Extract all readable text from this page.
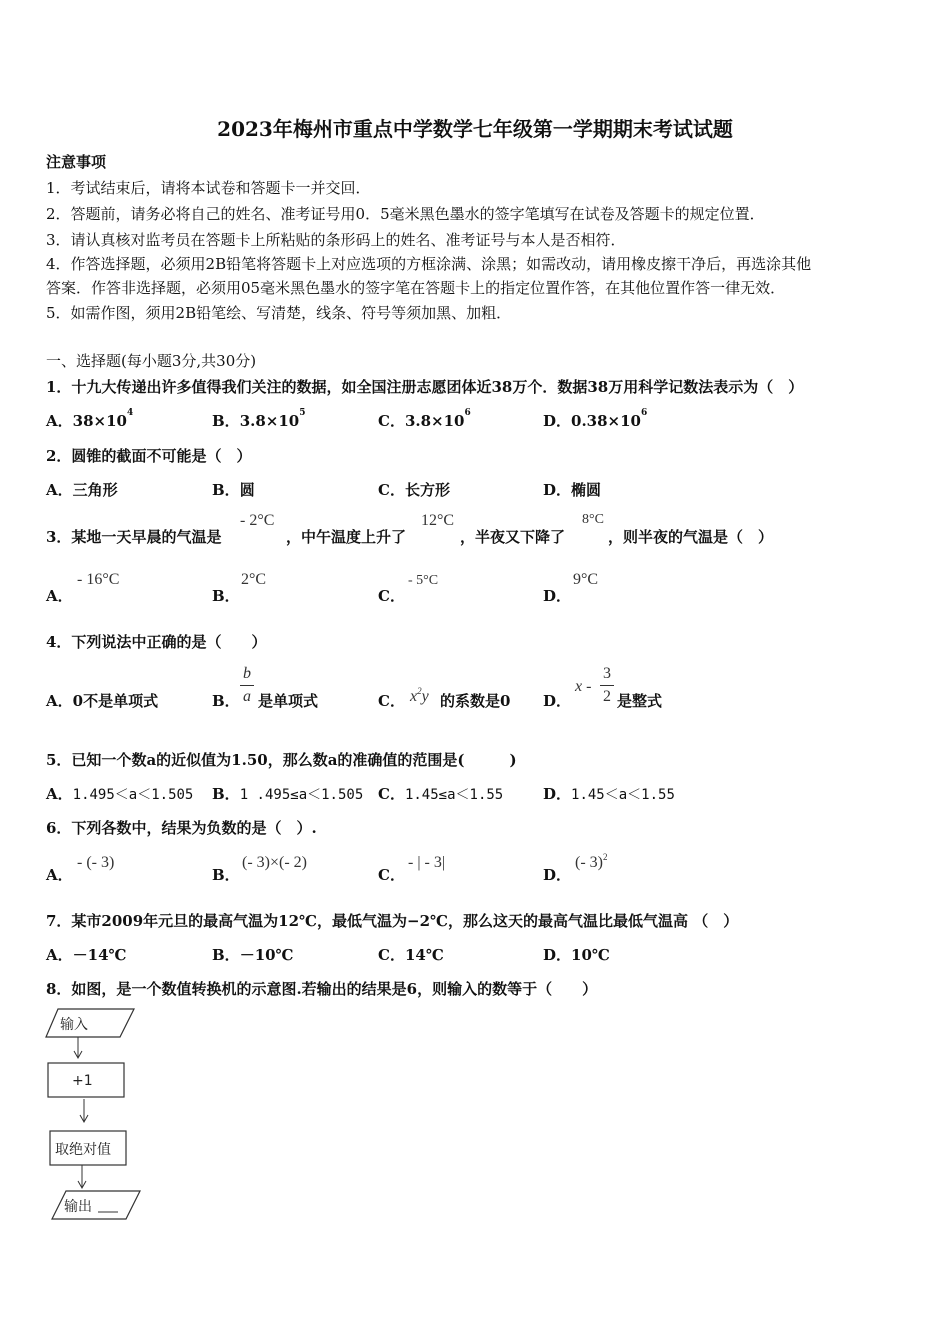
2023年梅州市重点中学数学七年级第一学期期末考试试题
注意事项
1．考试结束后，请将本试卷和答题卡一并交回．
2．答题前，请务必将自己的姓名、准考证号用0．5毫米黑色墨水的签字笔填写在试卷及答题卡的规定位置．
3．请认真核对监考员在答题卡上所粘贴的条形码上的姓名、准考证号与本人是否相符．
4．作答选择题，必须用2B铅笔将答题卡上对应选项的方框涂满、涂黑；如需改动，请用橡皮擦干净后，再选涂其他
答案．作答非选择题，必须用05毫米黑色墨水的签字笔在答题卡上的指定位置作答，在其他位置作答一律无效．
5．如需作图，须用2B铅笔绘、写清楚，线条、符号等须加黑、加粗．
一、选择题(每小题3分,共30分)
1．十九大传递出许多值得我们关注的数据，如全国注册志愿团体近38万个．数据38万用科学记数法表示为（　）
A．$38\times 10^4$	B．$3.8\times 10^5$	C．$3.8\times 10^6$	D．$0.38\times 10^6$
2．圆锥的截面不可能是（　）
A．三角形	B．圆	C．长方形	D．椭圆
3．某地一天早晨的气温是
- 2°C
，中午温度上升了
12°C
，半夜又下降了
8°C
，则半夜的气温是（　）
A．
- 16°C
B．
2°C
C．
- 5°C
D．
9°C
4．下列说法中正确的是（　　）
A．0不是单项式	B．
b
a 是单项式	C． $x^2y$ 的系数是0 D．
x -
3
2 是整式
5．已知一个数a的近似值为1.50，那么数a的准确值的范围是(　　　)
A．1.495＜a＜1.505 B．1 .495≤a＜1.505 C．1.45≤a＜1.55	D．1.45＜a＜1.55
6．下列各数中，结果为负数的是（　）.
A．
- (- 3)
B．
(- 3)×(- 2)
C．
- | - 3|
D．
(- 3)$^2$
7．某市2009年元旦的最高气温为12℃，最低气温为−2℃，那么这天的最高气温比最低气温高 （　）
A．－14℃	B．－10℃	C．14℃	D．10℃
8．如图，是一个数值转换机的示意图.若输出的结果是6，则输入的数等于（　　）
输入
+1
取绝对值
输出
